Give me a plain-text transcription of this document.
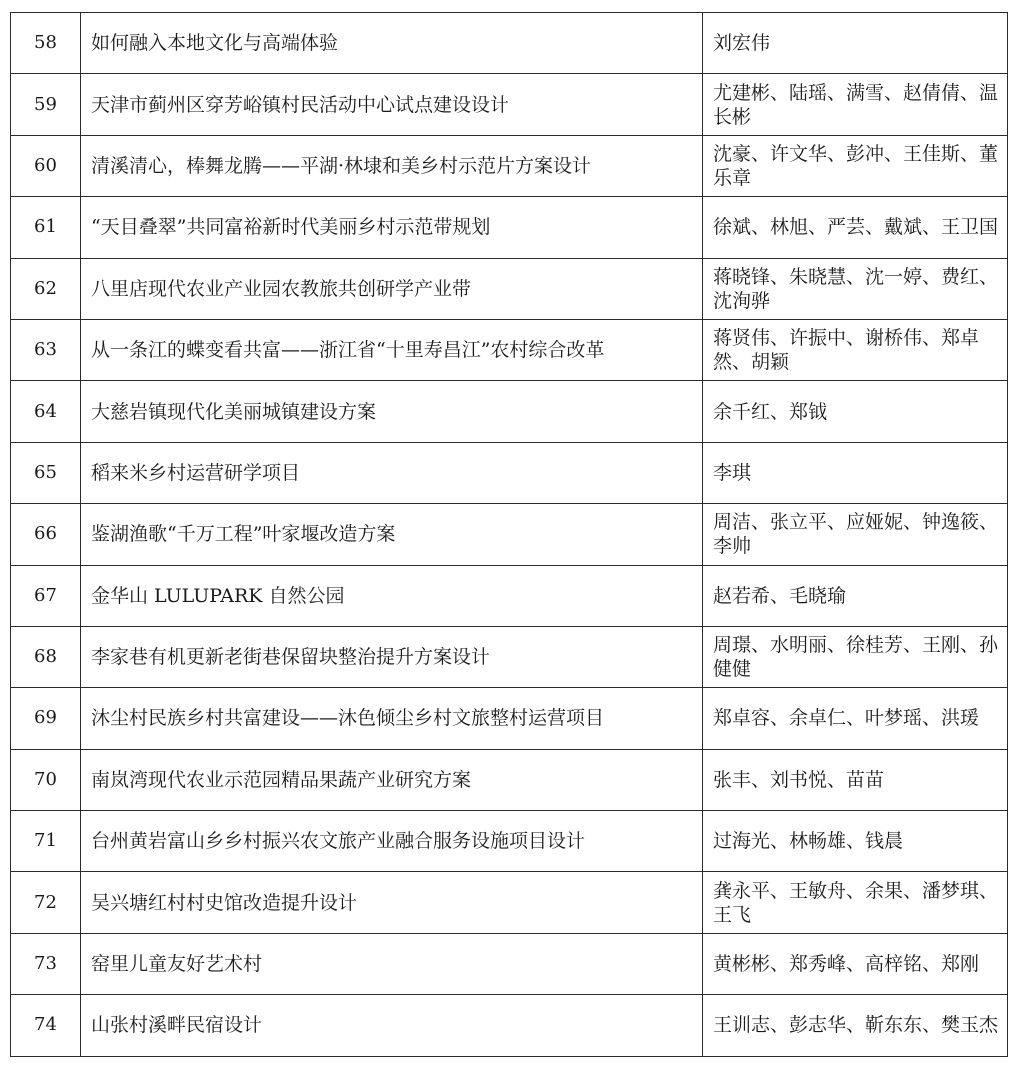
58	如何融入本地文化与高端体验	刘宏伟
59	天津市蓟州区穿芳峪镇村民活动中心试点建设设计	尤建彬、陆瑶、满雪、赵倩倩、温长彬
60	清溪清心，棒舞龙腾——平湖·林埭和美乡村示范片方案设计	沈豪、许文华、彭冲、王佳斯、董乐章
61	“天目叠翠”共同富裕新时代美丽乡村示范带规划	徐斌、林旭、严芸、戴斌、王卫国
62	八里店现代农业产业园农教旅共创研学产业带	蒋晓锋、朱晓慧、沈一婷、费红、沈洵骅
63	从一条江的蝶变看共富——浙江省“十里寿昌江”农村综合改革	蒋贤伟、许振中、谢桥伟、郑卓然、胡颖
64	大慈岩镇现代化美丽城镇建设方案	余千红、郑钺
65	稻来米乡村运营研学项目	李琪
66	鉴湖渔歌“千万工程”叶家堰改造方案	周洁、张立平、应娅妮、钟逸筱、李帅
67	金华山 LULUPARK 自然公园	赵若希、毛晓瑜
68	李家巷有机更新老街巷保留块整治提升方案设计	周璟、水明丽、徐桂芳、王刚、孙健健
69	沐尘村民族乡村共富建设——沐色倾尘乡村文旅整村运营项目	郑卓容、余卓仁、叶梦瑶、洪瑗
70	南岚湾现代农业示范园精品果蔬产业研究方案	张丰、刘书悦、苗苗
71	台州黄岩富山乡乡村振兴农文旅产业融合服务设施项目设计	过海光、林畅雄、钱晨
72	吴兴塘红村村史馆改造提升设计	龚永平、王敏舟、余果、潘梦琪、王飞
73	窑里儿童友好艺术村	黄彬彬、郑秀峰、高梓铭、郑刚
74	山张村溪畔民宿设计	王训志、彭志华、靳东东、樊玉杰
